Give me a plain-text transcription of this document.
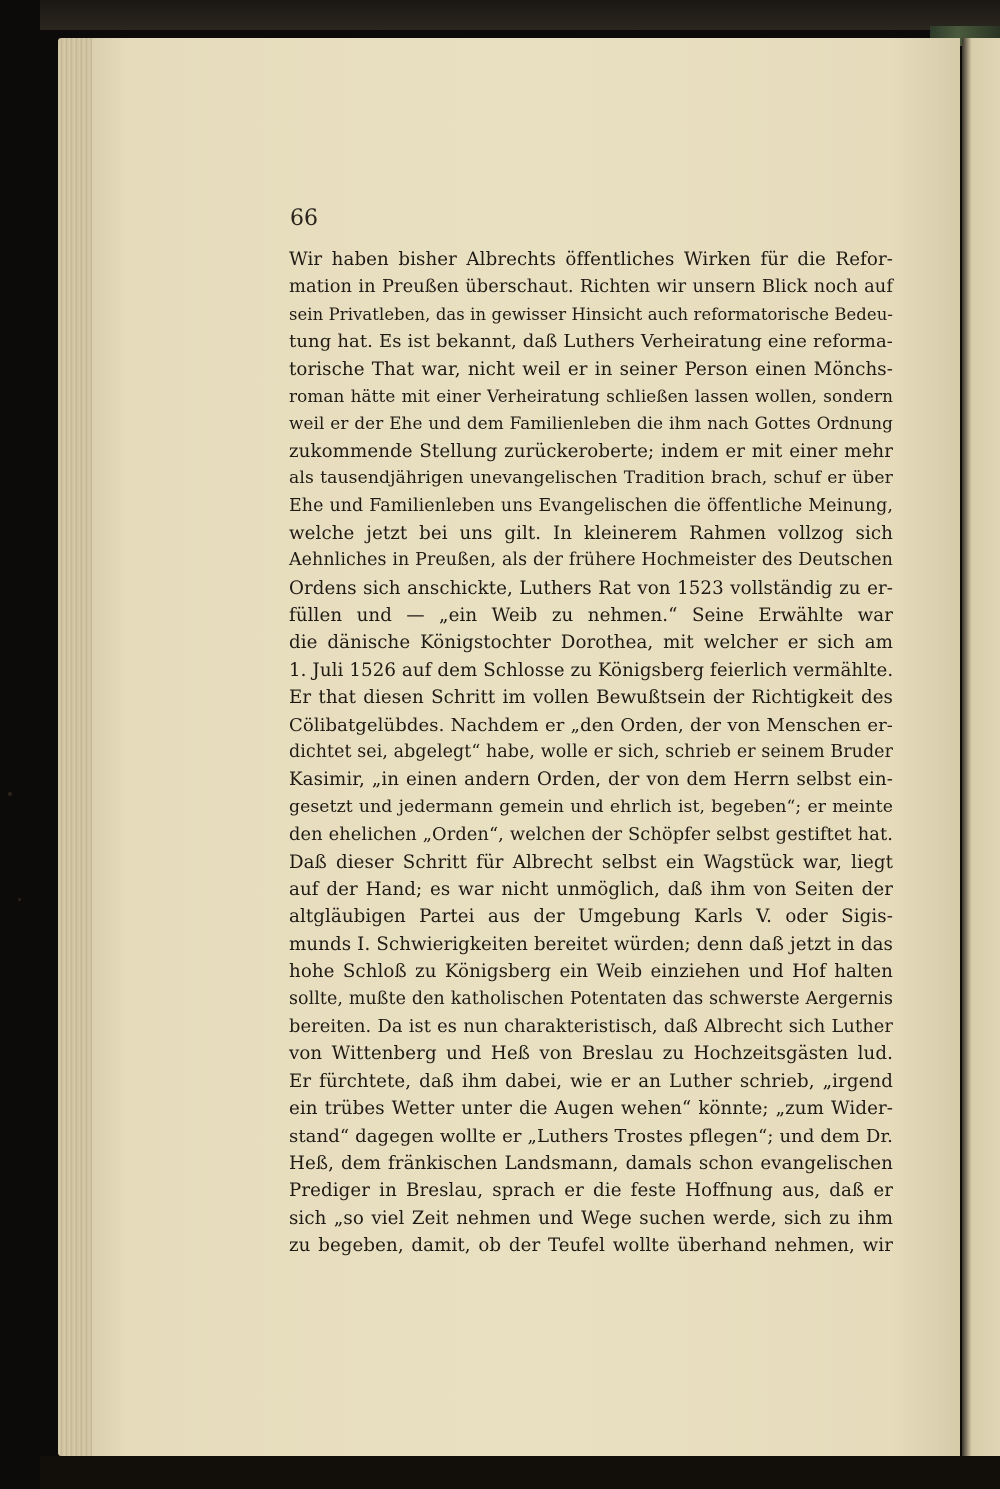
66

Wir haben bisher Albrechts öffentliches Wirken für die Refor-
mation in Preußen überschaut. Richten wir unsern Blick noch auf
sein Privatleben, das in gewisser Hinsicht auch reformatorische Bedeu-
tung hat. Es ist bekannt, daß Luthers Verheiratung eine reforma-
torische That war, nicht weil er in seiner Person einen Mönchs-
roman hätte mit einer Verheiratung schließen lassen wollen, sondern
weil er der Ehe und dem Familienleben die ihm nach Gottes Ordnung
zukommende Stellung zurückeroberte; indem er mit einer mehr
als tausendjährigen unevangelischen Tradition brach, schuf er über
Ehe und Familienleben uns Evangelischen die öffentliche Meinung,
welche jetzt bei uns gilt. In kleinerem Rahmen vollzog sich
Aehnliches in Preußen, als der frühere Hochmeister des Deutschen
Ordens sich anschickte, Luthers Rat von 1523 vollständig zu er-
füllen und — „ein Weib zu nehmen.“ Seine Erwählte war
die dänische Königstochter Dorothea, mit welcher er sich am
1. Juli 1526 auf dem Schlosse zu Königsberg feierlich vermählte.
Er that diesen Schritt im vollen Bewußtsein der Richtigkeit des
Cölibatgelübdes. Nachdem er „den Orden, der von Menschen er-
dichtet sei, abgelegt“ habe, wolle er sich, schrieb er seinem Bruder
Kasimir, „in einen andern Orden, der von dem Herrn selbst ein-
gesetzt und jedermann gemein und ehrlich ist, begeben“; er meinte
den ehelichen „Orden“, welchen der Schöpfer selbst gestiftet hat.
Daß dieser Schritt für Albrecht selbst ein Wagstück war, liegt
auf der Hand; es war nicht unmöglich, daß ihm von Seiten der
altgläubigen Partei aus der Umgebung Karls V. oder Sigis-
munds I. Schwierigkeiten bereitet würden; denn daß jetzt in das
hohe Schloß zu Königsberg ein Weib einziehen und Hof halten
sollte, mußte den katholischen Potentaten das schwerste Aergernis
bereiten. Da ist es nun charakteristisch, daß Albrecht sich Luther
von Wittenberg und Heß von Breslau zu Hochzeitsgästen lud.
Er fürchtete, daß ihm dabei, wie er an Luther schrieb, „irgend
ein trübes Wetter unter die Augen wehen“ könnte; „zum Wider-
stand“ dagegen wollte er „Luthers Trostes pflegen“; und dem Dr.
Heß, dem fränkischen Landsmann, damals schon evangelischen
Prediger in Breslau, sprach er die feste Hoffnung aus, daß er
sich „so viel Zeit nehmen und Wege suchen werde, sich zu ihm
zu begeben, damit, ob der Teufel wollte überhand nehmen, wir
